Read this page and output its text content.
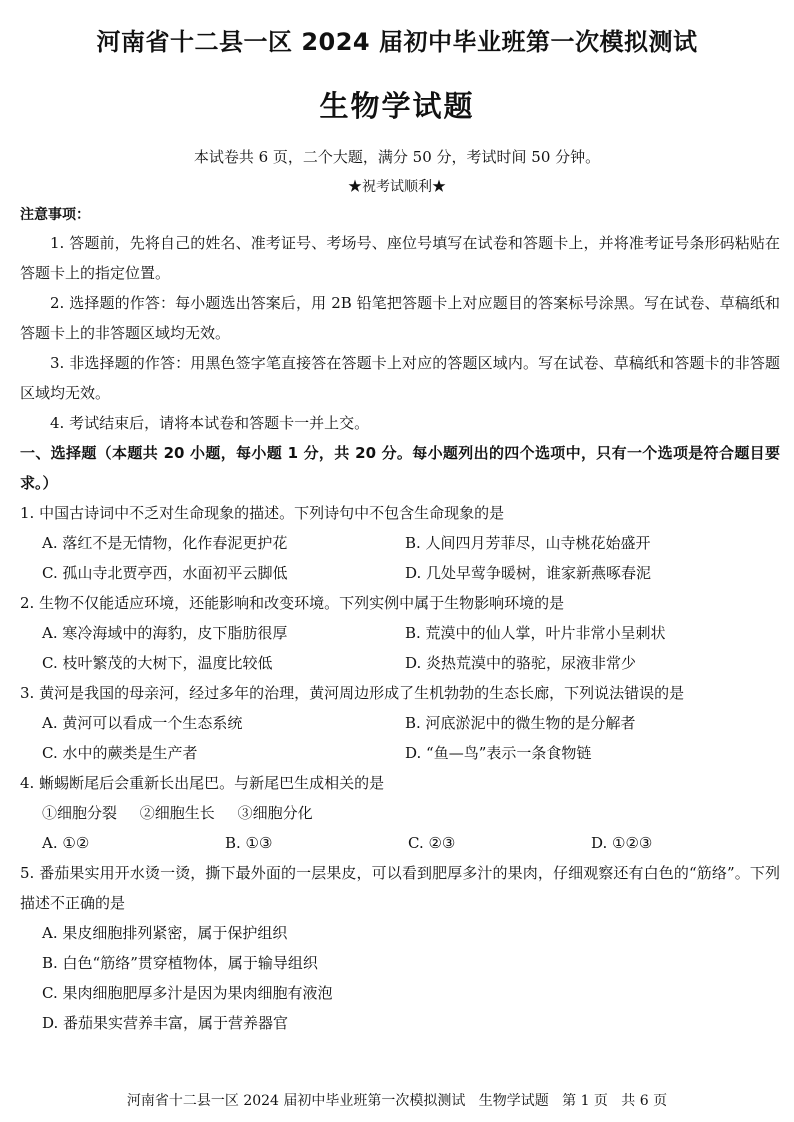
河南省十二县一区 2024 届初中毕业班第一次模拟测试
生物学试题
本试卷共 6 页，二个大题，满分 50 分，考试时间 50 分钟。
★祝考试顺利★
注意事项：
1. 答题前，先将自己的姓名、准考证号、考场号、座位号填写在试卷和答题卡上，并将准考证号条形码粘贴在答题卡上的指定位置。
2. 选择题的作答：每小题选出答案后，用 2B 铅笔把答题卡上对应题目的答案标号涂黑。写在试卷、草稿纸和答题卡上的非答题区域均无效。
3. 非选择题的作答：用黑色签字笔直接答在答题卡上对应的答题区域内。写在试卷、草稿纸和答题卡的非答题区域均无效。
4. 考试结束后，请将本试卷和答题卡一并上交。
一、选择题（本题共 20 小题，每小题 1 分，共 20 分。每小题列出的四个选项中，只有一个选项是符合题目要求。）
1. 中国古诗词中不乏对生命现象的描述。下列诗句中不包含生命现象的是
A. 落红不是无情物，化作春泥更护花	B. 人间四月芳菲尽，山寺桃花始盛开
C. 孤山寺北贾亭西，水面初平云脚低	D. 几处早莺争暖树，谁家新燕啄春泥
2. 生物不仅能适应环境，还能影响和改变环境。下列实例中属于生物影响环境的是
A. 寒冷海域中的海豹，皮下脂肪很厚	B. 荒漠中的仙人掌，叶片非常小呈刺状
C. 枝叶繁茂的大树下，温度比较低	D. 炎热荒漠中的骆驼，尿液非常少
3. 黄河是我国的母亲河，经过多年的治理，黄河周边形成了生机勃勃的生态长廊，下列说法错误的是
A. 黄河可以看成一个生态系统	B. 河底淤泥中的微生物的是分解者
C. 水中的蕨类是生产者	D. “鱼—鸟”表示一条食物链
4. 蜥蜴断尾后会重新长出尾巴。与新尾巴生成相关的是
①细胞分裂 ②细胞生长 ③细胞分化
A. ①②	B. ①③	C. ②③	D. ①②③
5. 番茄果实用开水烫一烫，撕下最外面的一层果皮，可以看到肥厚多汁的果肉，仔细观察还有白色的“筋络”。下列描述不正确的是
A. 果皮细胞排列紧密，属于保护组织
B. 白色“筋络”贯穿植物体，属于输导组织
C. 果肉细胞肥厚多汁是因为果肉细胞有液泡
D. 番茄果实营养丰富，属于营养器官
河南省十二县一区 2024 届初中毕业班第一次模拟测试 生物学试题 第 1 页 共 6 页
